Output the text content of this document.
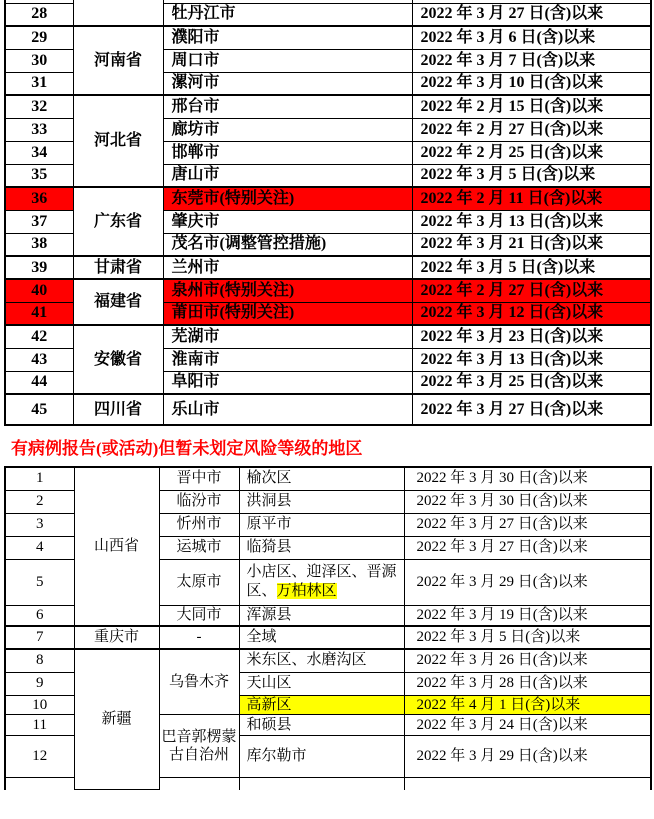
28		牡丹江市	2022 年 3 月 27 日(含)以来
29	河南省	濮阳市	2022 年 3 月 6 日(含)以来
30		周口市	2022 年 3 月 7 日(含)以来
31		漯河市	2022 年 3 月 10 日(含)以来
32	河北省	邢台市	2022 年 2 月 15 日(含)以来
33		廊坊市	2022 年 2 月 27 日(含)以来
34		邯郸市	2022 年 2 月 25 日(含)以来
35		唐山市	2022 年 3 月 5 日(含)以来
36	广东省	东莞市(特别关注)	2022 年 2 月 11 日(含)以来
37		肇庆市	2022 年 3 月 13 日(含)以来
38		茂名市(调整管控措施)	2022 年 3 月 21 日(含)以来
39	甘肃省	兰州市	2022 年 3 月 5 日(含)以来
40	福建省	泉州市(特别关注)	2022 年 2 月 27 日(含)以来
41		莆田市(特别关注)	2022 年 3 月 12 日(含)以来
42	安徽省	芜湖市	2022 年 3 月 23 日(含)以来
43		淮南市	2022 年 3 月 13 日(含)以来
44		阜阳市	2022 年 3 月 25 日(含)以来
45	四川省	乐山市	2022 年 3 月 27 日(含)以来
有病例报告(或活动)但暂未划定风险等级的地区
1	山西省	晋中市	榆次区	2022 年 3 月 30 日(含)以来
2		临汾市	洪洞县	2022 年 3 月 30 日(含)以来
3		忻州市	原平市	2022 年 3 月 27 日(含)以来
4		运城市	临猗县	2022 年 3 月 27 日(含)以来
5		太原市	小店区、迎泽区、晋源区、万柏林区	2022 年 3 月 29 日(含)以来
6		大同市	浑源县	2022 年 3 月 19 日(含)以来
7	重庆市	-	全域	2022 年 3 月 5 日(含)以来
8	新疆	乌鲁木齐	米东区、水磨沟区	2022 年 3 月 26 日(含)以来
9			天山区	2022 年 3 月 28 日(含)以来
10			高新区	2022 年 4 月 1 日(含)以来
11		巴音郭楞蒙古自治州	和硕县	2022 年 3 月 24 日(含)以来
12			库尔勒市	2022 年 3 月 29 日(含)以来
